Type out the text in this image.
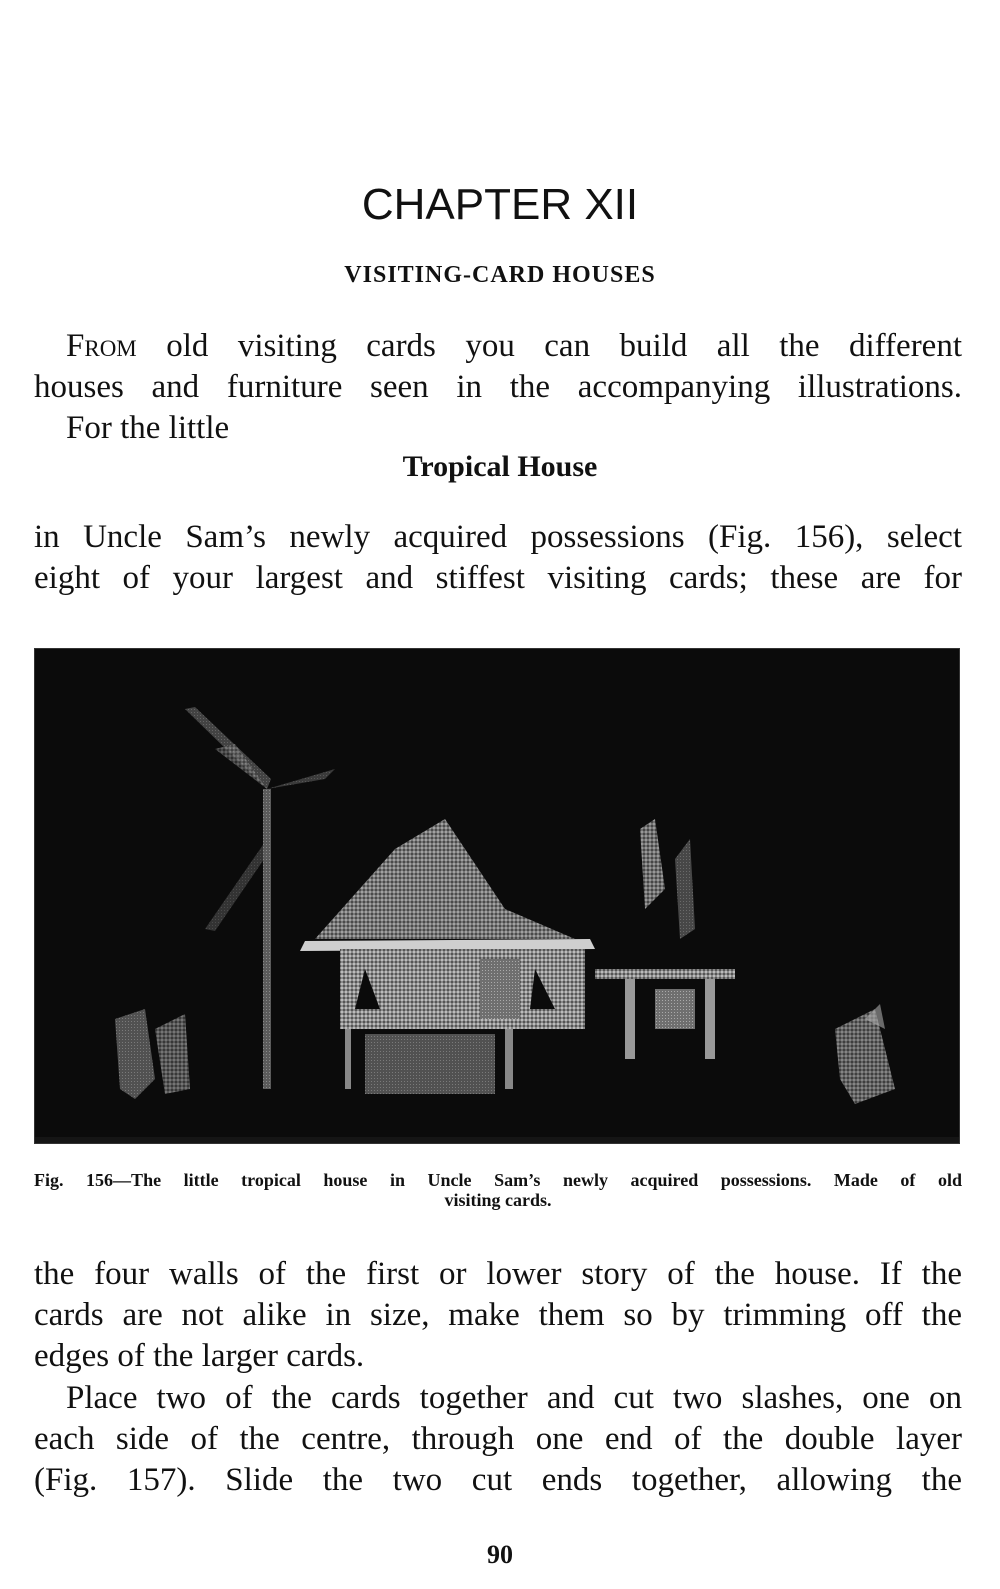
CHAPTER XII
VISITING-CARD HOUSES

From old visiting cards you can build all the different
houses and furniture seen in the accompanying illustrations.
For the little

Tropical House

in Uncle Sam’s newly acquired possessions (Fig. 156), select
eight of your largest and stiffest visiting cards; these are for

Fig. 156—The little tropical house in Uncle Sam’s newly acquired possessions. Made of old
visiting cards.

the four walls of the first or lower story of the house. If the
cards are not alike in size, make them so by trimming off the
edges of the larger cards.

Place two of the cards together and cut two slashes, one on
each side of the centre, through one end of the double layer
(Fig. 157). Slide the two cut ends together, allowing the

90
